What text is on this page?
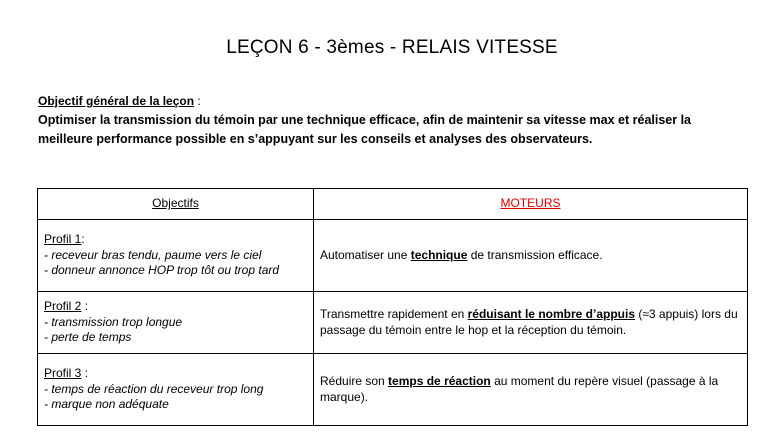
LEÇON 6 - 3èmes - RELAIS VITESSE
Objectif général de la leçon :
Optimiser la transmission du témoin par une technique efficace, afin de maintenir sa vitesse max et réaliser la meilleure performance possible en s’appuyant sur les conseils et analyses des observateurs.
Objectifs	MOTEURS
Profil 1:
- receveur bras tendu, paume vers le ciel
- donneur annonce HOP trop tôt ou trop tard	Automatiser une technique de transmission efficace.
Profil 2 :
- transmission trop longue
- perte de temps	Transmettre rapidement en réduisant le nombre d’appuis (≈3 appuis) lors du passage du témoin entre le hop et la réception du témoin.
Profil 3 :
- temps de réaction du receveur trop long
- marque non adéquate	Réduire son temps de réaction au moment du repère visuel (passage à la marque).
